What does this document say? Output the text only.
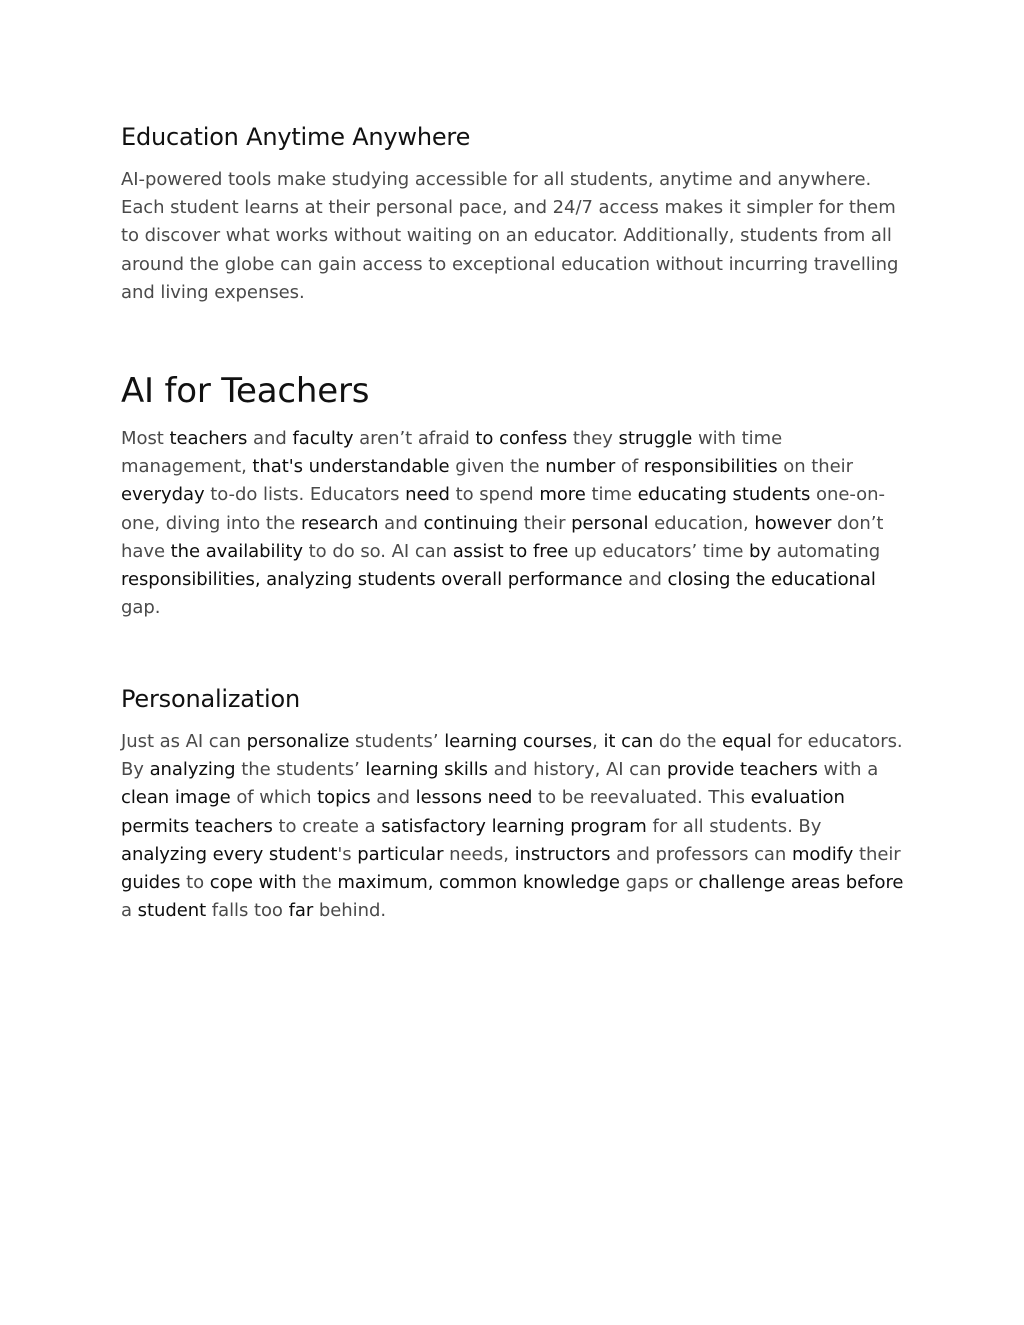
Education Anytime Anywhere

AI-powered tools make studying accessible for all students, anytime and anywhere. Each student learns at their personal pace, and 24/7 access makes it simpler for them to discover what works without waiting on an educator. Additionally, students from all around the globe can gain access to exceptional education without incurring travelling and living expenses.

AI for Teachers

Most teachers and faculty aren’t afraid to confess they struggle with time management, that's understandable given the number of responsibilities on their everyday to-do lists. Educators need to spend more time educating students one-on-one, diving into the research and continuing their personal education, however don’t have the availability to do so. AI can assist to free up educators’ time by automating responsibilities, analyzing students overall performance and closing the educational gap.

Personalization

Just as AI can personalize students’ learning courses, it can do the equal for educators. By analyzing the students’ learning skills and history, AI can provide teachers with a clean image of which topics and lessons need to be reevaluated. This evaluation permits teachers to create a satisfactory learning program for all students. By analyzing every student's particular needs, instructors and professors can modify their guides to cope with the maximum, common knowledge gaps or challenge areas before a student falls too far behind.
